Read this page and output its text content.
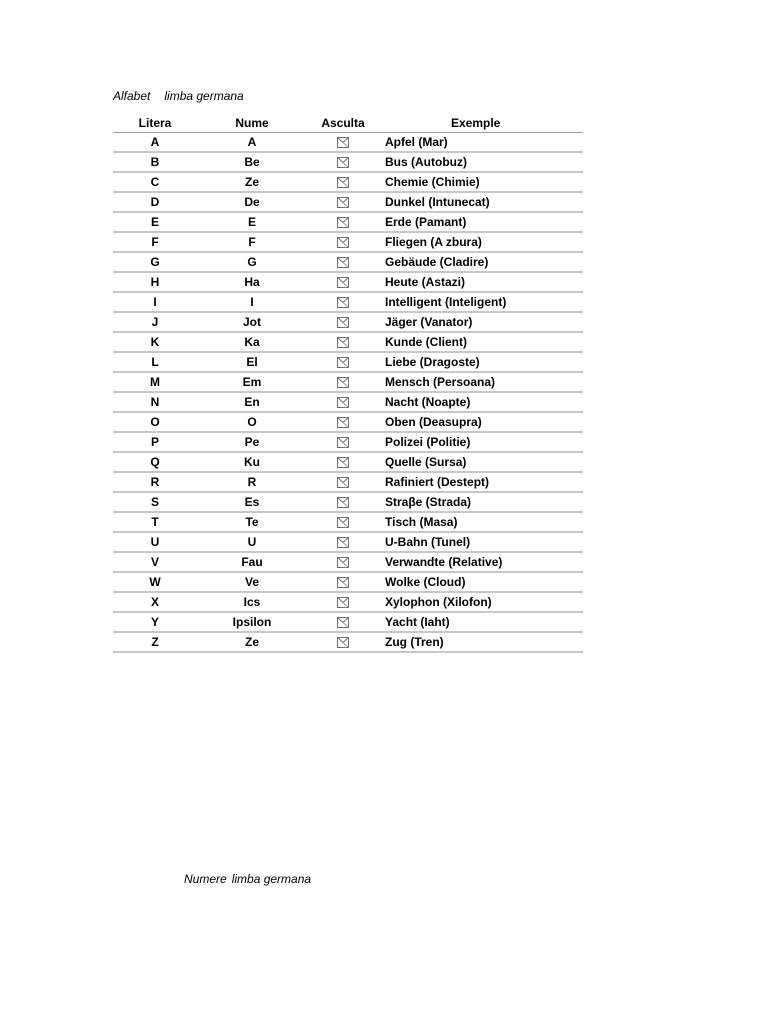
Alfabet limba germana
Litera	Nume	Asculta	Exemple
A	A		Apfel (Mar)
B	Be		Bus (Autobuz)
C	Ze		Chemie (Chimie)
D	De		Dunkel (Intunecat)
E	E		Erde (Pamant)
F	F		Fliegen (A zbura)
G	G		Gebäude (Cladire)
H	Ha		Heute (Astazi)
I	I		Intelligent (Inteligent)
J	Jot		Jäger (Vanator)
K	Ka		Kunde (Client)
L	El		Liebe (Dragoste)
M	Em		Mensch (Persoana)
N	En		Nacht (Noapte)
O	O		Oben (Deasupra)
P	Pe		Polizei (Politie)
Q	Ku		Quelle (Sursa)
R	R		Rafiniert (Destept)
S	Es		Straβe (Strada)
T	Te		Tisch (Masa)
U	U		U-Bahn (Tunel)
V	Fau		Verwandte (Relative)
W	Ve		Wolke (Cloud)
X	Ics		Xylophon (Xilofon)
Y	Ipsilon		Yacht (Iaht)
Z	Ze		Zug (Tren)
Numere limba germana
